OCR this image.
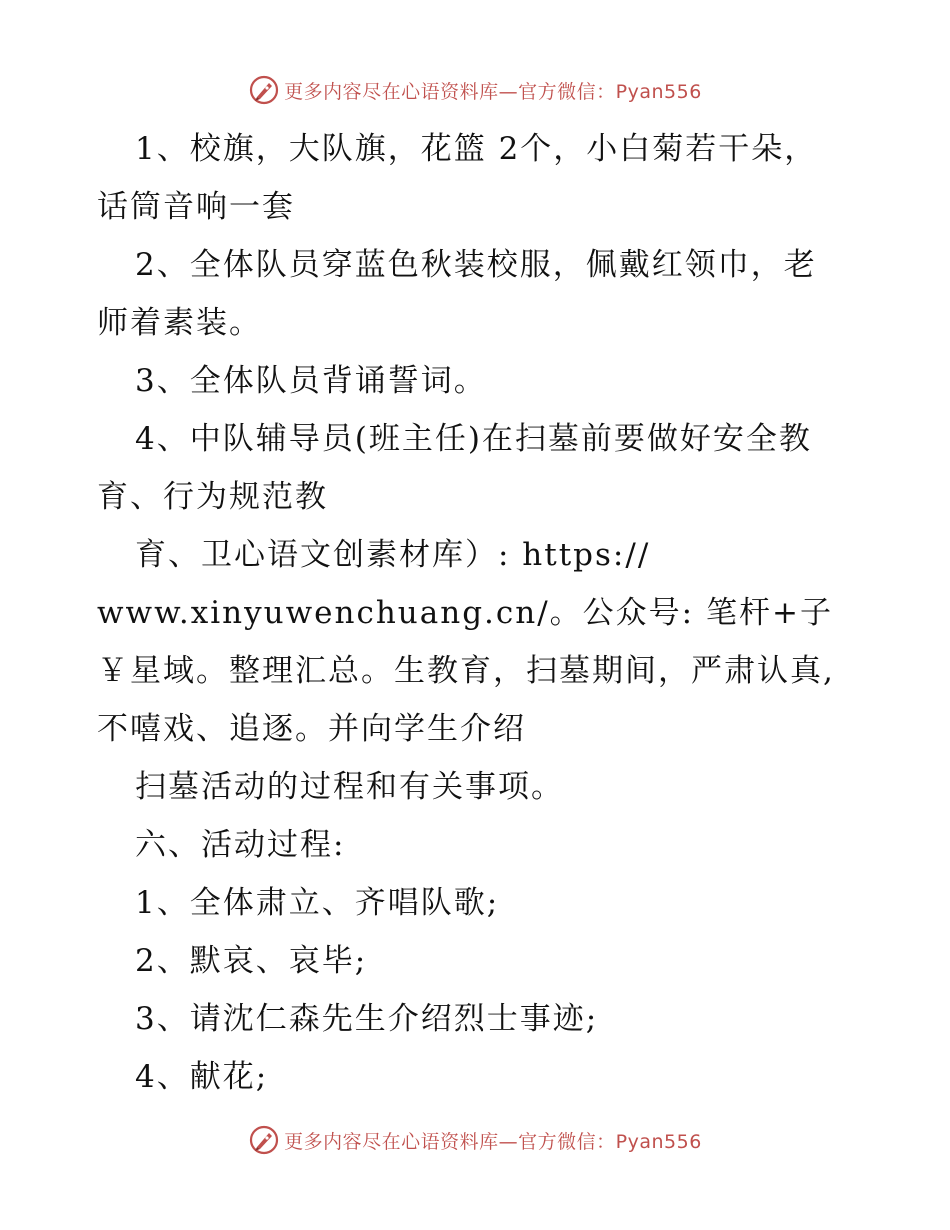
更多内容尽在心语资料库—官方微信：Pyan556

1、校旗，大队旗，花篮 2个，小白菊若干朵，话筒音响一套

2、全体队员穿蓝色秋装校服，佩戴红领巾，老师着素装。

3、全体队员背诵誓词。

4、中队辅导员(班主任)在扫墓前要做好安全教育、行为规范教

育、卫心语文创素材库）: https://

www.xinyuwenchuang.cn/。公众号: 笔杆+子￥星域。整理汇总。生教育，扫墓期间，严肃认真,不嘻戏、追逐。并向学生介绍

扫墓活动的过程和有关事项。

六、活动过程:

1、全体肃立、齐唱队歌;

2、默哀、哀毕;

3、请沈仁森先生介绍烈士事迹;

4、献花;

更多内容尽在心语资料库—官方微信：Pyan556
